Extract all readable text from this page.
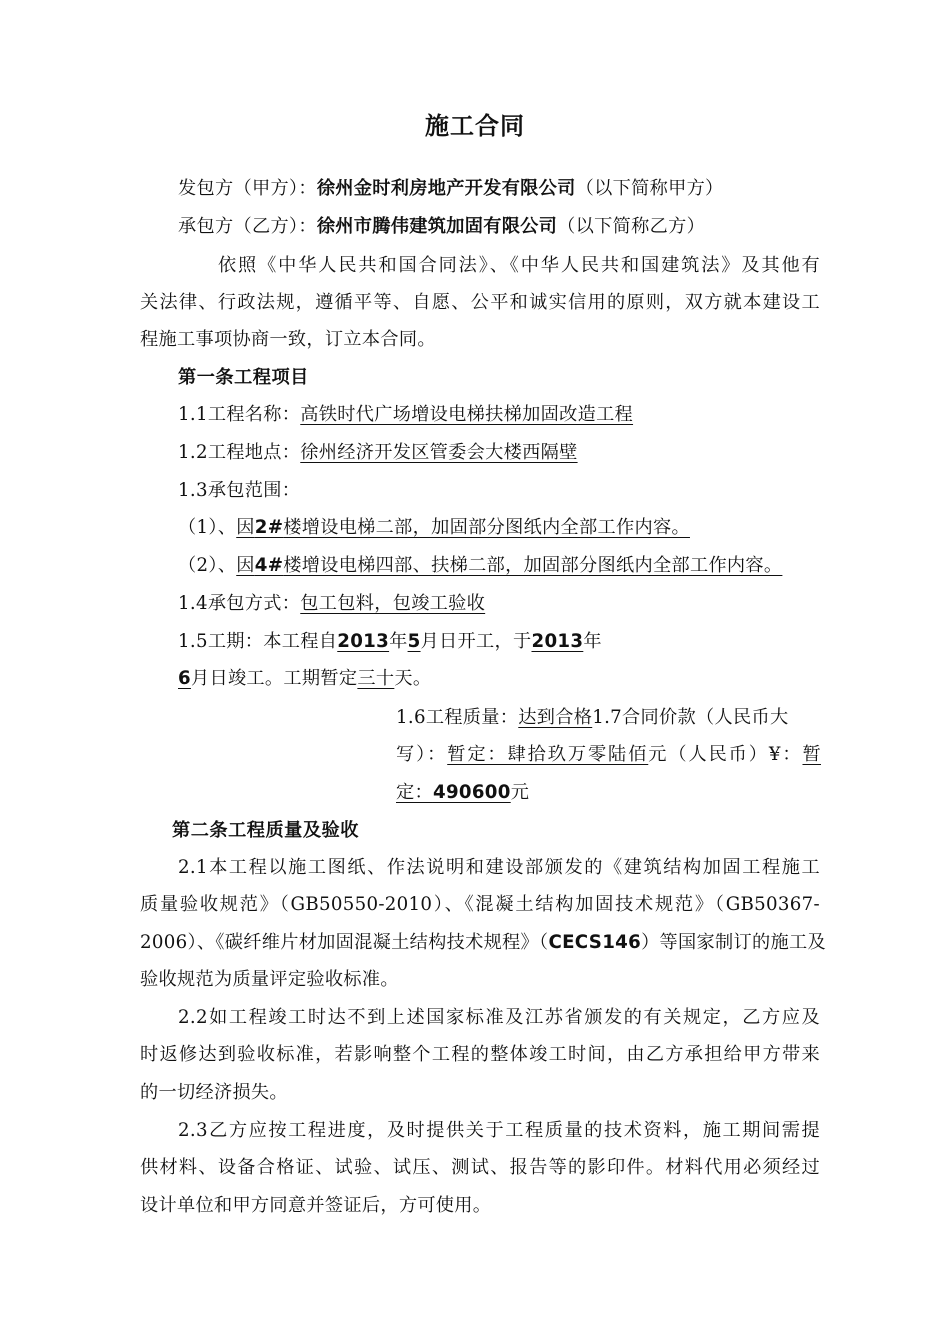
施工合同
发包方（甲方）：徐州金时利房地产开发有限公司（以下简称甲方）
承包方（乙方）：徐州市腾伟建筑加固有限公司（以下简称乙方）
依照《中华人民共和国合同法》、《中华人民共和国建筑法》及其他有
关法律、行政法规，遵循平等、自愿、公平和诚实信用的原则，双方就本建设工
程施工事项协商一致，订立本合同。
第一条工程项目
1.1工程名称：高铁时代广场增设电梯扶梯加固改造工程
1.2工程地点：徐州经济开发区管委会大楼西隔壁
1.3承包范围：
（1）、因2#楼增设电梯二部，加固部分图纸内全部工作内容。
（2）、因4#楼增设电梯四部、扶梯二部，加固部分图纸内全部工作内容。
1.4承包方式：包工包料，包竣工验收
1.5工期：本工程自2013年5月日开工，于2013年
6月日竣工。工期暂定三十天。
1.6工程质量：达到合格1.7合同价款（人民币大
写）：暂定：肆拾玖万零陆佰元（人民币）¥：暂
定：490600元
第二条工程质量及验收
2.1本工程以施工图纸、作法说明和建设部颁发的《建筑结构加固工程施工
质量验收规范》（GB50550-2010）、《混凝土结构加固技术规范》（GB50367-
2006）、《碳纤维片材加固混凝土结构技术规程》（CECS146）等国家制订的施工及
验收规范为质量评定验收标准。
2.2如工程竣工时达不到上述国家标准及江苏省颁发的有关规定，乙方应及
时返修达到验收标准，若影响整个工程的整体竣工时间，由乙方承担给甲方带来
的一切经济损失。
2.3乙方应按工程进度，及时提供关于工程质量的技术资料，施工期间需提
供材料、设备合格证、试验、试压、测试、报告等的影印件。材料代用必须经过
设计单位和甲方同意并签证后，方可使用。
